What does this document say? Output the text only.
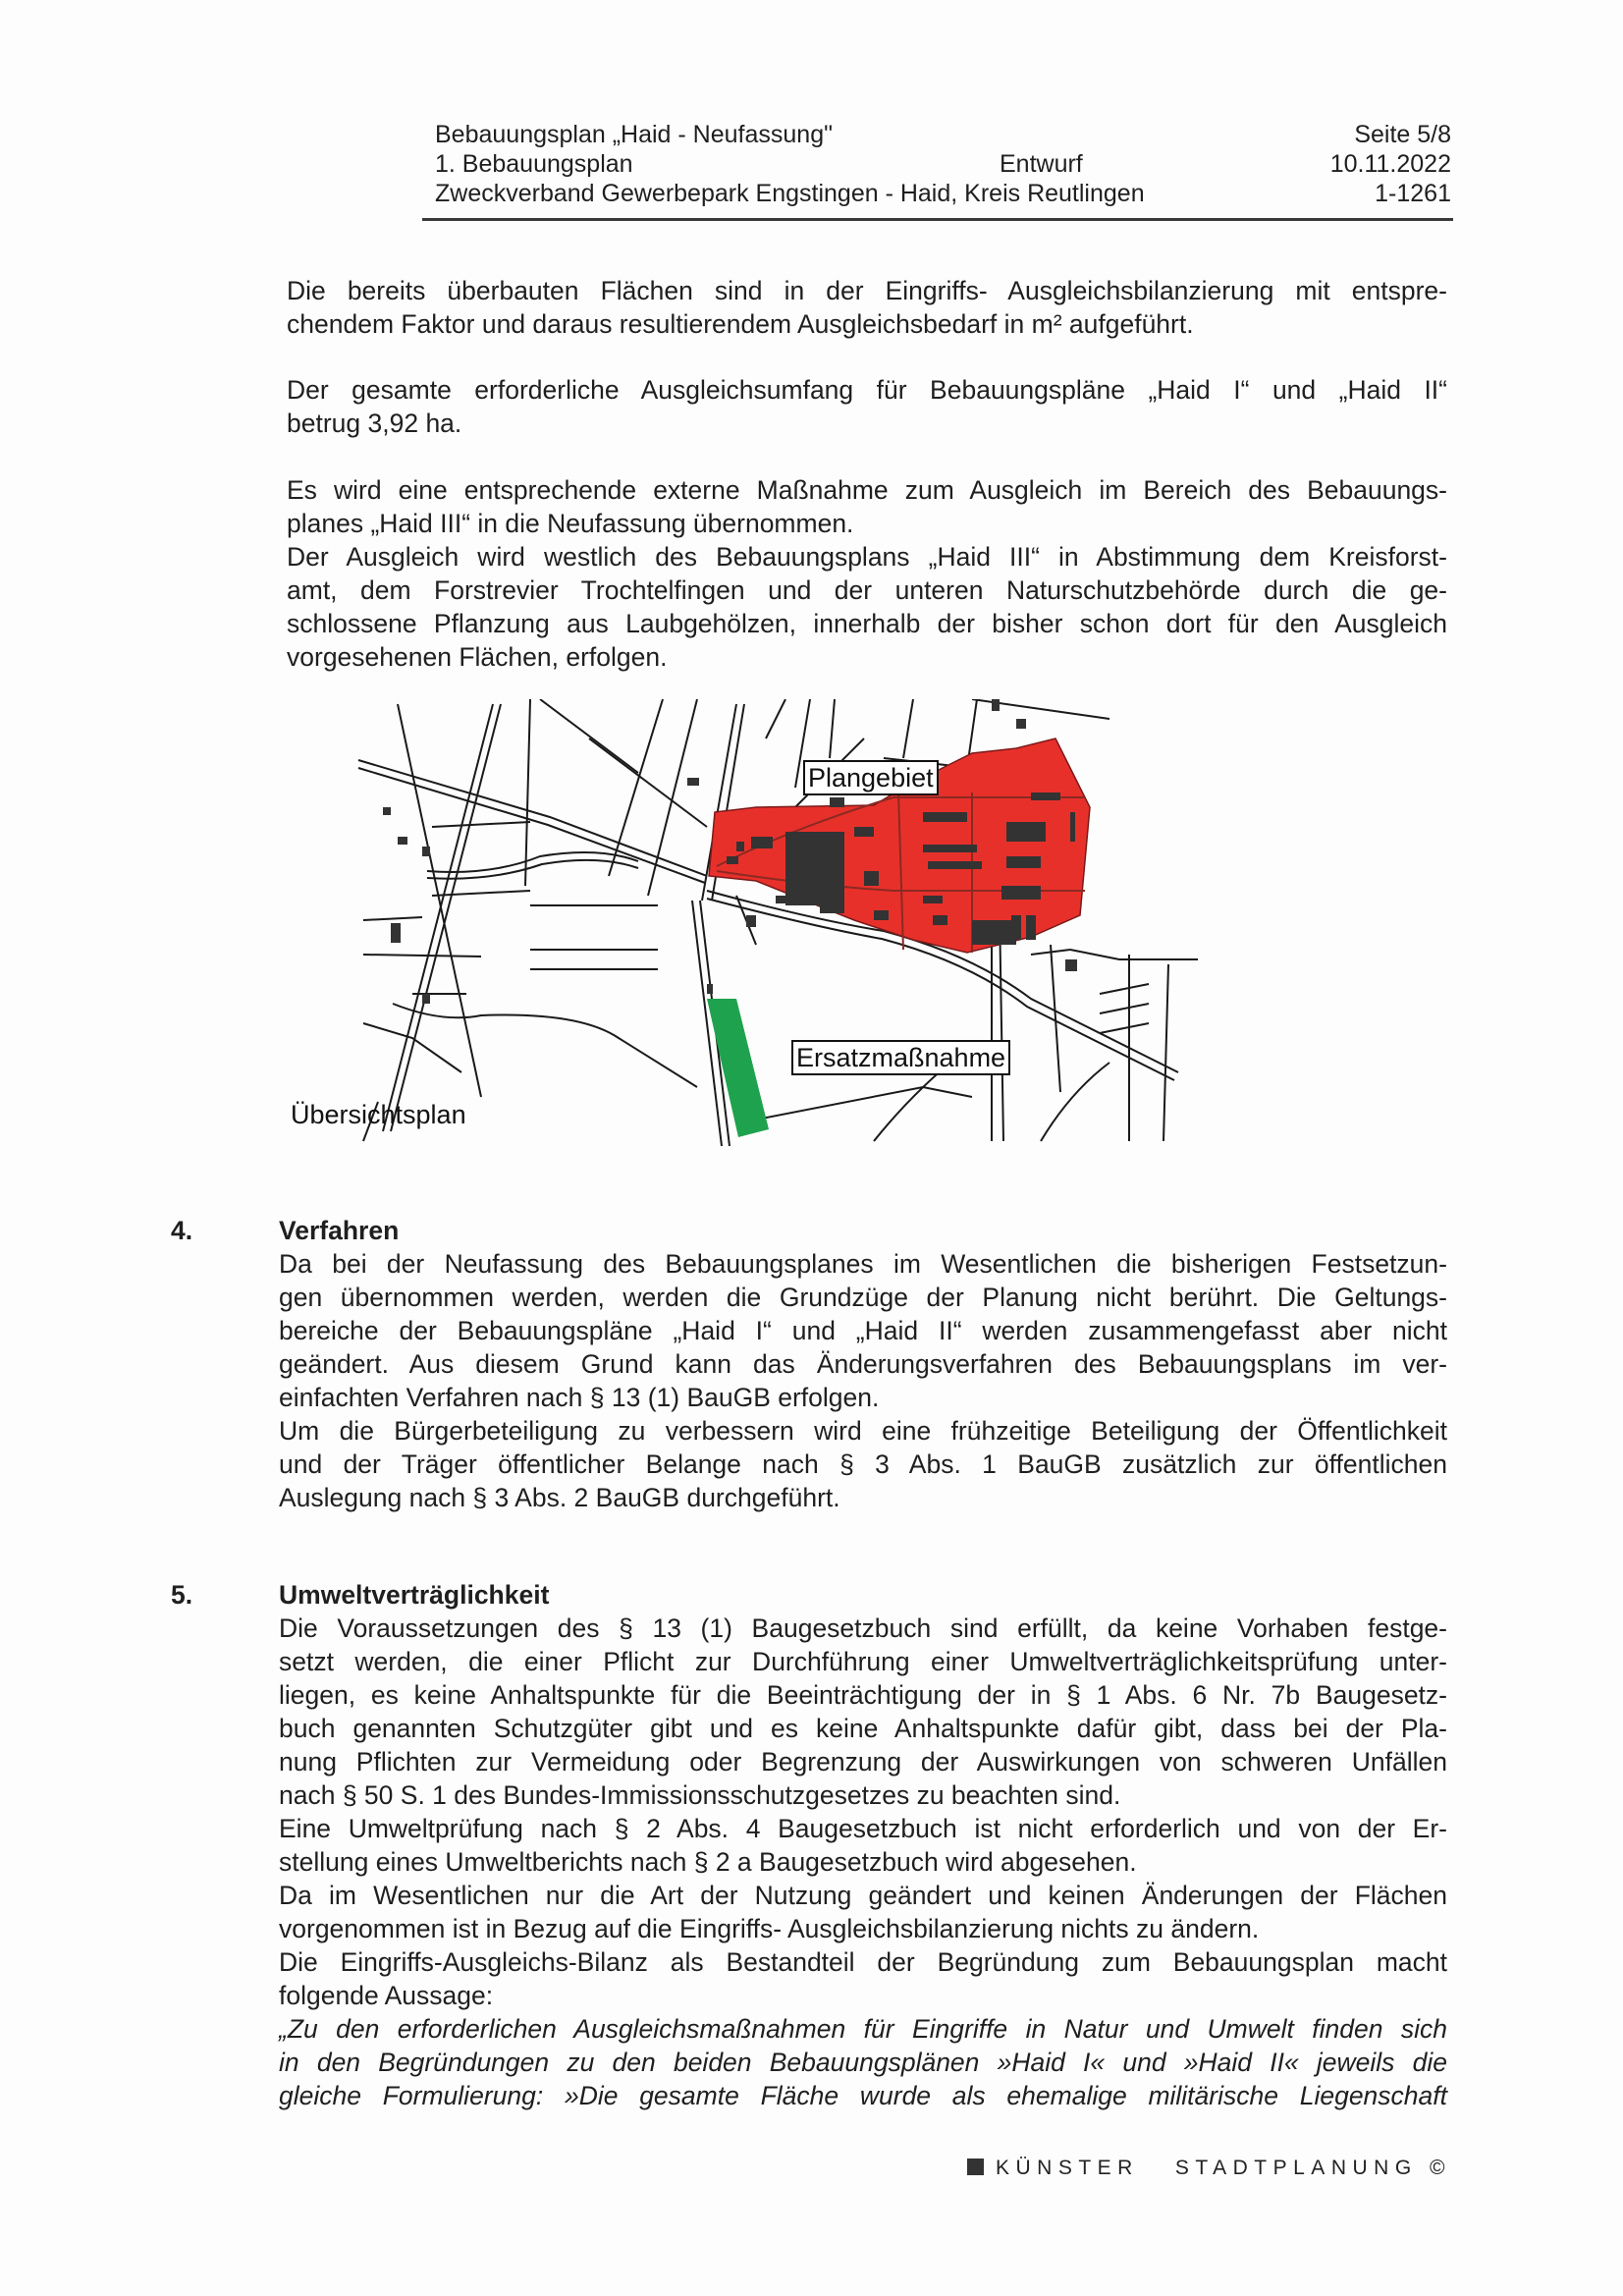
Bebauungsplan „Haid - Neufassung"	Seite 5/8
1. Bebauungsplan	Entwurf	10.11.2022
Zweckverband Gewerbepark Engstingen - Haid, Kreis Reutlingen	1-1261
Die bereits überbauten Flächen sind in der Eingriffs- Ausgleichsbilanzierung mit entspre-
chendem Faktor und daraus resultierendem Ausgleichsbedarf in m² aufgeführt.
Der gesamte erforderliche Ausgleichsumfang für Bebauungspläne „Haid I“ und „Haid II“
betrug 3,92 ha.
Es wird eine entsprechende externe Maßnahme zum Ausgleich im Bereich des Bebauungs-
planes „Haid III“ in die Neufassung übernommen.
Der Ausgleich wird westlich des Bebauungsplans „Haid III“ in Abstimmung dem Kreisforst-
amt, dem Forstrevier Trochtelfingen und der unteren Naturschutzbehörde durch die ge-
schlossene Pflanzung aus Laubgehölzen, innerhalb der bisher schon dort für den Ausgleich
vorgesehenen Flächen, erfolgen.
Plangebiet
Ersatzmaßnahme
Übersichtsplan
4.	Verfahren
Da bei der Neufassung des Bebauungsplanes im Wesentlichen die bisherigen Festsetzun-
gen übernommen werden, werden die Grundzüge der Planung nicht berührt. Die Geltungs-
bereiche der Bebauungspläne „Haid I“ und „Haid II“ werden zusammengefasst aber nicht
geändert. Aus diesem Grund kann das Änderungsverfahren des Bebauungsplans im ver-
einfachten Verfahren nach § 13 (1) BauGB erfolgen.
Um die Bürgerbeteiligung zu verbessern wird eine frühzeitige Beteiligung der Öffentlichkeit
und der Träger öffentlicher Belange nach § 3 Abs. 1 BauGB zusätzlich zur öffentlichen
Auslegung nach § 3 Abs. 2 BauGB durchgeführt.
5.	Umweltverträglichkeit
Die Voraussetzungen des § 13 (1) Baugesetzbuch sind erfüllt, da keine Vorhaben festge-
setzt werden, die einer Pflicht zur Durchführung einer Umweltverträglichkeitsprüfung unter-
liegen, es keine Anhaltspunkte für die Beeinträchtigung der in § 1 Abs. 6 Nr. 7b Baugesetz-
buch genannten Schutzgüter gibt und es keine Anhaltspunkte dafür gibt, dass bei der Pla-
nung Pflichten zur Vermeidung oder Begrenzung der Auswirkungen von schweren Unfällen
nach § 50 S. 1 des Bundes-Immissionsschutzgesetzes zu beachten sind.
Eine Umweltprüfung nach § 2 Abs. 4 Baugesetzbuch ist nicht erforderlich und von der Er-
stellung eines Umweltberichts nach § 2 a Baugesetzbuch wird abgesehen.
Da im Wesentlichen nur die Art der Nutzung geändert und keinen Änderungen der Flächen
vorgenommen ist in Bezug auf die Eingriffs- Ausgleichsbilanzierung nichts zu ändern.
Die Eingriffs-Ausgleichs-Bilanz als Bestandteil der Begründung zum Bebauungsplan macht
folgende Aussage:
„Zu den erforderlichen Ausgleichsmaßnahmen für Eingriffe in Natur und Umwelt finden sich
in den Begründungen zu den beiden Bebauungsplänen »Haid I« und »Haid II« jeweils die
gleiche Formulierung: »Die gesamte Fläche wurde als ehemalige militärische Liegenschaft
KÜNSTER   STADTPLANUNG ©
